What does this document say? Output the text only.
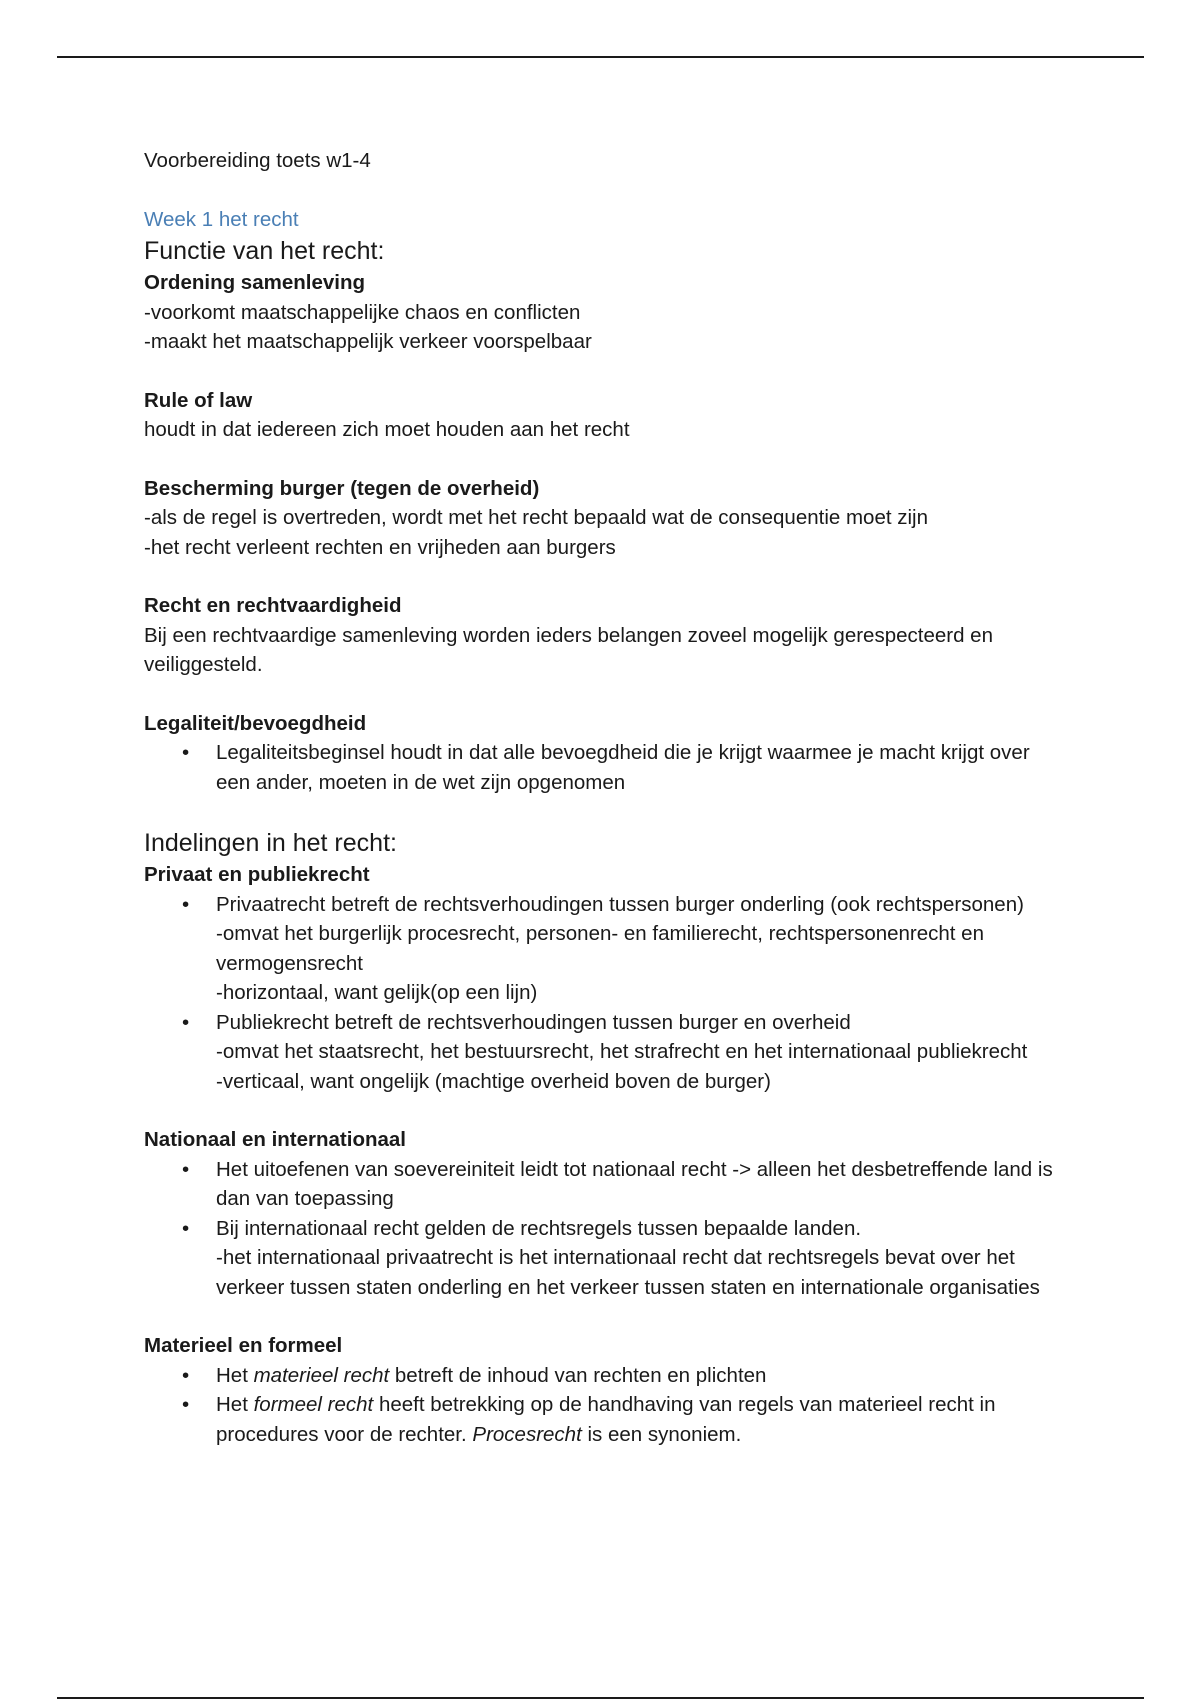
Voorbereiding toets w1-4

Week 1 het recht

Functie van het recht:

Ordening samenleving

-voorkomt maatschappelijke chaos en conflicten

-maakt het maatschappelijk verkeer voorspelbaar

Rule of law

houdt in dat iedereen zich moet houden aan het recht

Bescherming burger (tegen de overheid)

-als de regel is overtreden, wordt met het recht bepaald wat de consequentie moet zijn

-het recht verleent rechten en vrijheden aan burgers

Recht en rechtvaardigheid

Bij een rechtvaardige samenleving worden ieders belangen zoveel mogelijk gerespecteerd en veiliggesteld.

Legaliteit/bevoegdheid

• Legaliteitsbeginsel houdt in dat alle bevoegdheid die je krijgt waarmee je macht krijgt over een ander, moeten in de wet zijn opgenomen

Indelingen in het recht:

Privaat en publiekrecht

• Privaatrecht betreft de rechtsverhoudingen tussen burger onderling (ook rechtspersonen)
-omvat het burgerlijk procesrecht, personen- en familierecht, rechtspersonenrecht en vermogensrecht
-horizontaal, want gelijk(op een lijn)
• Publiekrecht betreft de rechtsverhoudingen tussen burger en overheid
-omvat het staatsrecht, het bestuursrecht, het strafrecht en het internationaal publiekrecht
-verticaal, want ongelijk (machtige overheid boven de burger)

Nationaal en internationaal

• Het uitoefenen van soevereiniteit leidt tot nationaal recht -> alleen het desbetreffende land is dan van toepassing
• Bij internationaal recht gelden de rechtsregels tussen bepaalde landen.
-het internationaal privaatrecht is het internationaal recht dat rechtsregels bevat over het verkeer tussen staten onderling en het verkeer tussen staten en internationale organisaties

Materieel en formeel

• Het materieel recht betreft de inhoud van rechten en plichten
• Het formeel recht heeft betrekking op de handhaving van regels van materieel recht in procedures voor de rechter. Procesrecht is een synoniem.
